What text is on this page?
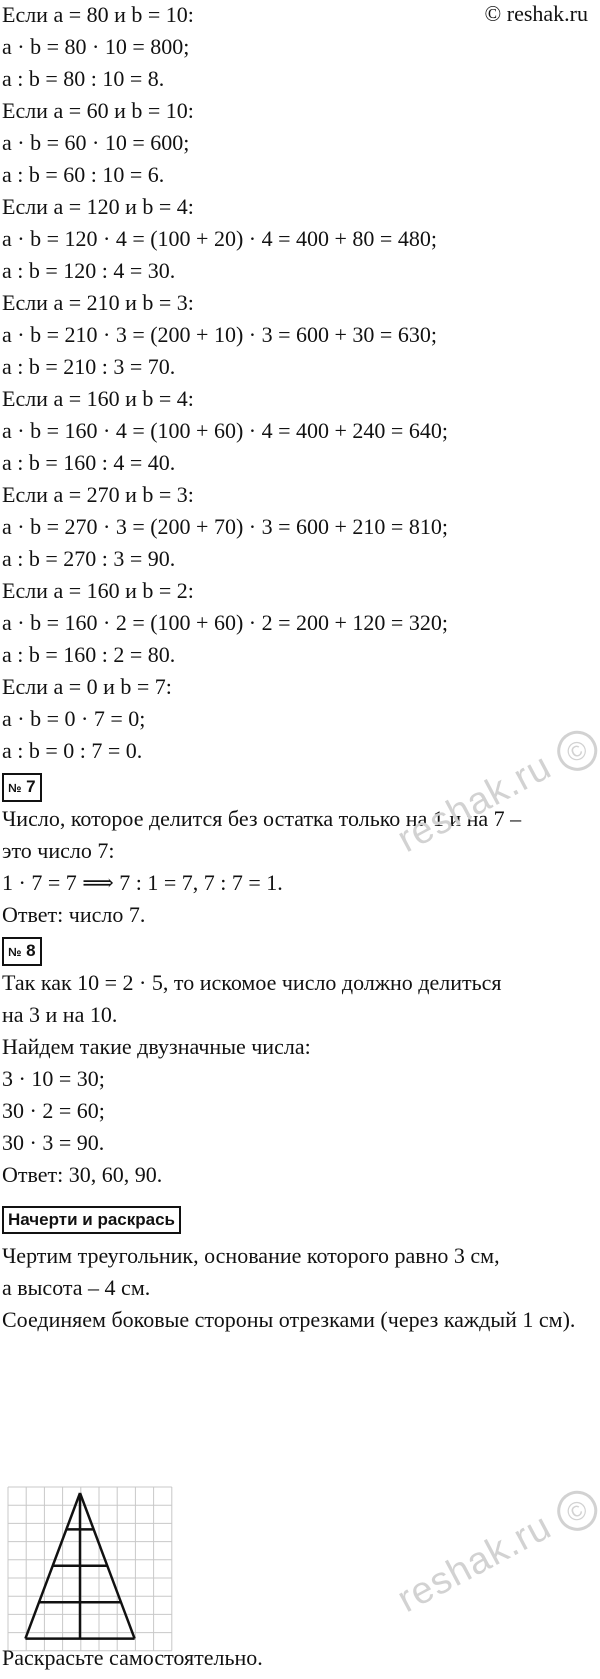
© reshak.ru
Если a = 80 и b = 10:
a · b = 80 · 10 = 800;
a : b = 80 : 10 = 8.
Если a = 60 и b = 10:
a · b = 60 · 10 = 600;
a : b = 60 : 10 = 6.
Если a = 120 и b = 4:
a · b = 120 · 4 = (100 + 20) · 4 = 400 + 80 = 480;
a : b = 120 : 4 = 30.
Если a = 210 и b = 3:
a · b = 210 · 3 = (200 + 10) · 3 = 600 + 30 = 630;
a : b = 210 : 3 = 70.
Если a = 160 и b = 4:
a · b = 160 · 4 = (100 + 60) · 4 = 400 + 240 = 640;
a : b = 160 : 4 = 40.
Если a = 270 и b = 3:
a · b = 270 · 3 = (200 + 70) · 3 = 600 + 210 = 810;
a : b = 270 : 3 = 90.
Если a = 160 и b = 2:
a · b = 160 · 2 = (100 + 60) · 2 = 200 + 120 = 320;
a : b = 160 : 2 = 80.
Если a = 0 и b = 7:
a · b = 0 · 7 = 0;
a : b = 0 : 7 = 0.
№ 7
Число, которое делится без остатка только на 1 и на 7 –
это число 7:
1 · 7 = 7 ⟹ 7 : 1 = 7, 7 : 7 = 1.
Ответ: число 7.
№ 8
Так как 10 = 2 · 5, то искомое число должно делиться
на 3 и на 10.
Найдем такие двузначные числа:
3 · 10 = 30;
30 · 2 = 60;
30 · 3 = 90.
Ответ: 30, 60, 90.
Начерти и раскрась
Чертим треугольник, основание которого равно 3 см,
а высота – 4 см.
Соединяем боковые стороны отрезками (через каждый 1 см).
Раскрасьте самостоятельно.
reshak.ru ©
reshak.ru ©
